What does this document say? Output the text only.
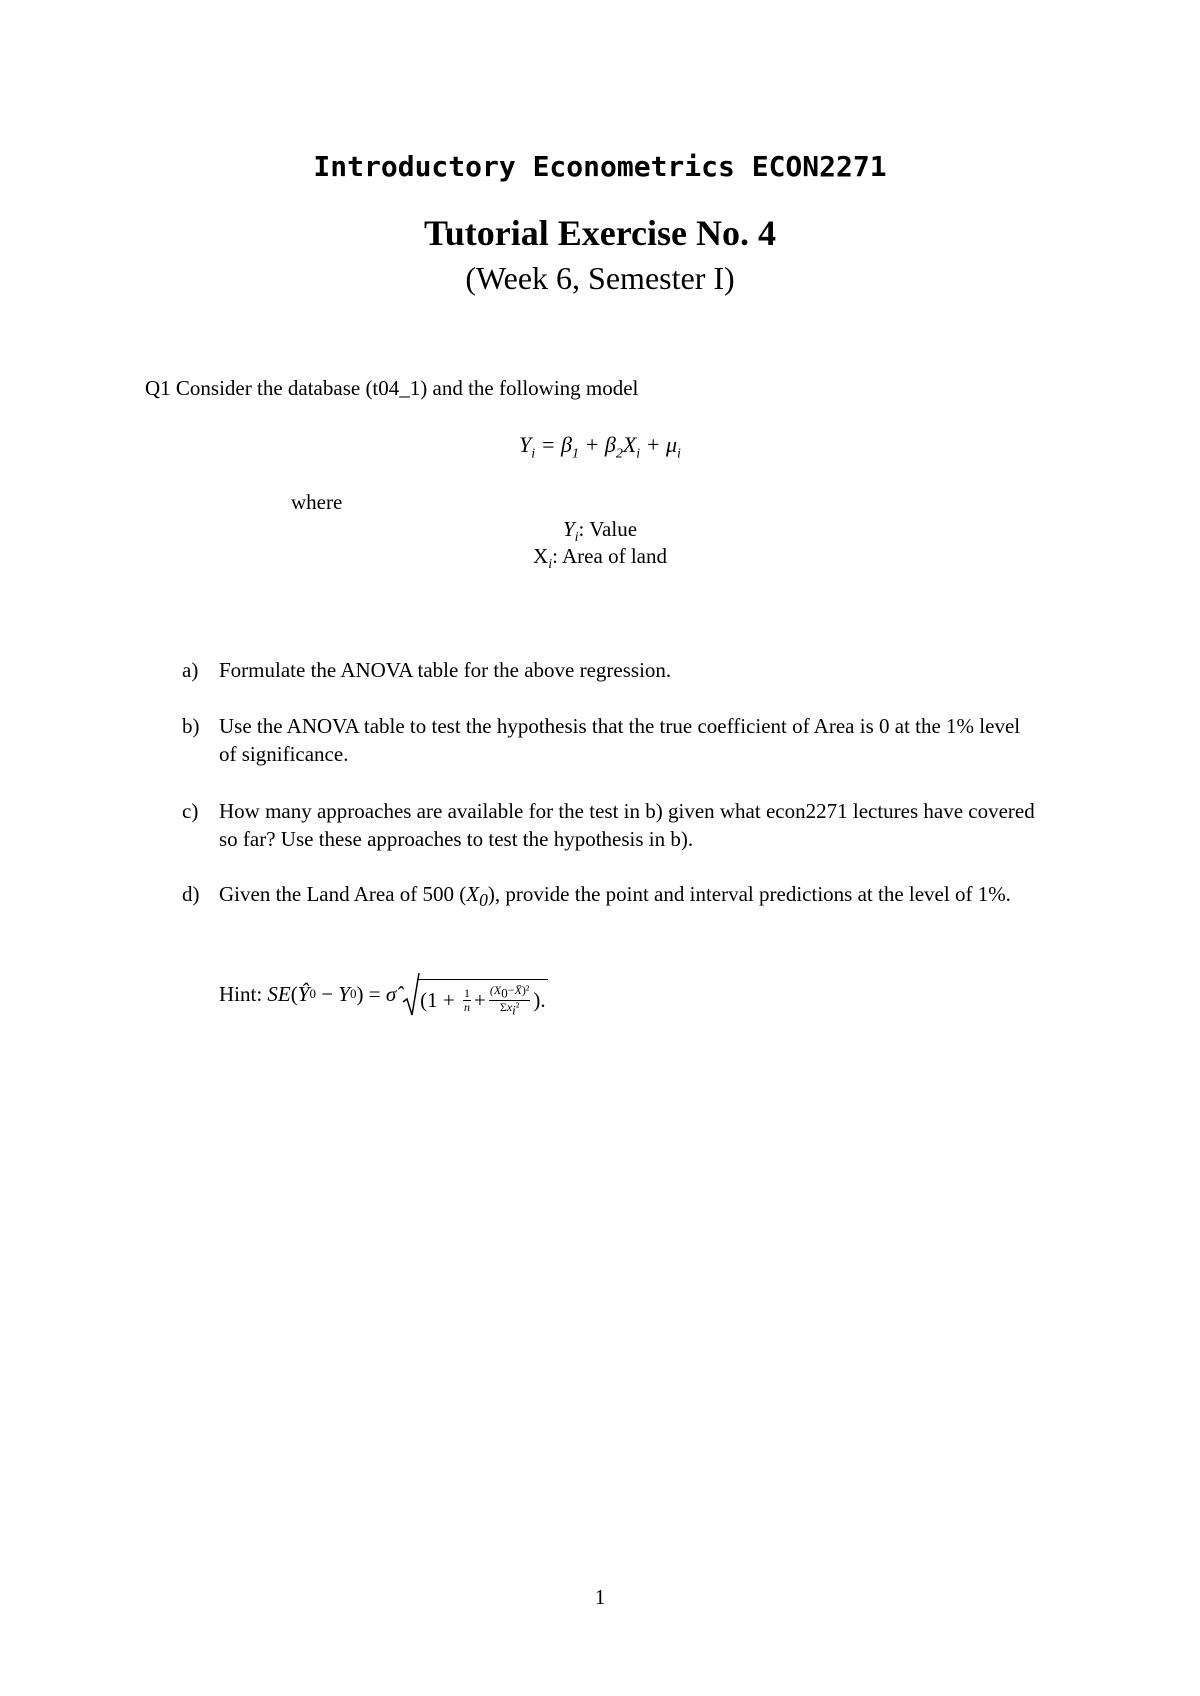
Introductory Econometrics ECON2271
Tutorial Exercise No. 4
(Week 6, Semester I)
Q1 Consider the database (t04_1) and the following model
$Y_i = \beta_1 + \beta_2X_i + \mu_i$
where
$Y_i$: Value
$X_i$: Area of land
a) Formulate the ANOVA table for the above regression.
b) Use the ANOVA table to test the hypothesis that the true coefficient of Area is 0 at the 1% level of significance.
c) How many approaches are available for the test in b) given what econ2271 lectures have covered so far? Use these approaches to test the hypothesis in b).
d) Given the Land Area of 500 $(X_0)$, provide the point and interval predictions at the level of 1%.
Hint: SE ( Ŷ 0 − Y 0 ) = σ̂ ($1 + \frac{1}{n} + \frac{(X_0-X̄)^2}{\Sigma x_i^2}$ ).
1
